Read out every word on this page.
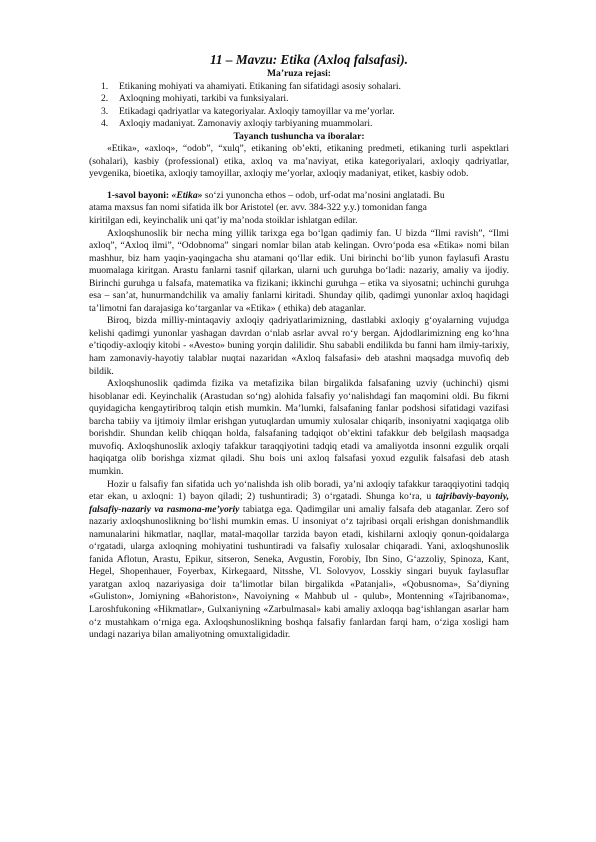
11 – Mavzu: Etika (Axloq falsafasi).
Ma’ruza rejasi:
1.	Etikaning mohiyati va ahamiyati. Etikaning fan sifatidagi asosiy sohalari.
2.	Axloqning mohiyati, tarkibi va funksiyalari.
3.	Etikadagi qadriyatlar va kategoriyalar. Axloqiy tamoyillar va me’yorlar.
4.	Axloqiy madaniyat. Zamonaviy axloqiy tarbiyaning muammolari.
Tayanch tushuncha va iboralar:

«Etika», «axloq», “odob”, “xulq”, etikaning ob’ekti, etikaning predmeti, etikaning turli aspektlari (sohalari), kasbiy (professional) etika, axloq va ma’naviyat, etika kategoriyalari, axloqiy qadriyatlar, yevgenika, bioetika, axloqiy tamoyillar, axloqiy me’yorlar, axloqiy madaniyat, etiket, kasbiy odob.

1-savol bayoni: «Etika» so‘zi yunoncha ethos – odob, urf-odat ma’nosini anglatadi. Bu

atama maxsus fan nomi sifatida ilk bor Aristotel (er. avv. 384-322 y.y.) tomonidan fanga

kiritilgan edi, keyinchalik uni qat’iy ma’noda stoiklar ishlatgan edilar.

Axloqshunoslik bir necha ming yillik tarixga ega bo‘lgan qadimiy fan. U bizda “Ilmi ravish”, “Ilmi axloq”, “Axloq ilmi”, “Odobnoma” singari nomlar bilan atab kelingan. Ovro‘poda esa «Etika» nomi bilan mashhur, biz ham yaqin-yaqingacha shu atamani qo‘llar edik. Uni birinchi bo‘lib yunon faylasufi Arastu muomalaga kiritgan. Arastu fanlarni tasnif qilarkan, ularni uch guruhga bo‘ladi: nazariy, amaliy va ijodiy. Birinchi guruhga u falsafa, matematika va fizikani; ikkinchi guruhga – etika va siyosatni; uchinchi guruhga esa – san’at, hunurmandchilik va amaliy fanlarni kiritadi. Shunday qilib, qadimgi yunonlar axloq haqidagi ta’limotni fan darajasiga ko‘targanlar va «Etika» ( ethika) deb ataganlar.

Biroq, bizda milliy-mintaqaviy axloqiy qadriyatlarimizning, dastlabki axloqiy g‘oyalarning vujudga kelishi qadimgi yunonlar yashagan davrdan o‘nlab asrlar avval ro‘y bergan. Ajdodlarimizning eng ko‘hna e’tiqodiy-axloqiy kitobi - «Avesto» buning yorqin dalilidir. Shu sababli endilikda bu fanni ham ilmiy-tarixiy, ham zamonaviy-hayotiy talablar nuqtai nazaridan «Axloq falsafasi» deb atashni maqsadga muvofiq deb bildik.

Axloqshunoslik qadimda fizika va metafizika bilan birgalikda falsafaning uzviy (uchinchi) qismi hisoblanar edi. Keyinchalik (Arastudan so‘ng) alohida falsafiy yo‘nalishdagi fan maqomini oldi. Bu fikrni quyidagicha kengaytiribroq talqin etish mumkin. Ma’lumki, falsafaning fanlar podshosi sifatidagi vazifasi barcha tabiiy va ijtimoiy ilmlar erishgan yutuqlardan umumiy xulosalar chiqarib, insoniyatni xaqiqatga olib borishdir. Shundan kelib chiqqan holda, falsafaning tadqiqot ob’ektini tafakkur deb belgilash maqsadga muvofiq. Axloqshunoslik axloqiy tafakkur taraqqiyotini tadqiq etadi va amaliyotda insonni ezgulik orqali haqiqatga olib borishga xizmat qiladi. Shu bois uni axloq falsafasi yoxud ezgulik falsafasi deb atash mumkin.

Hozir u falsafiy fan sifatida uch yo‘nalishda ish olib boradi, ya’ni axloqiy tafakkur taraqqiyotini tadqiq etar ekan, u axloqni: 1) bayon qiladi; 2) tushuntiradi; 3) o‘rgatadi. Shunga ko‘ra, u tajribaviy-bayoniy, falsafiy-nazariy va rasmona-me’yoriy tabiatga ega. Qadimgilar uni amaliy falsafa deb ataganlar. Zero sof nazariy axloqshunoslikning bo‘lishi mumkin emas. U insoniyat o‘z tajribasi orqali erishgan donishmandlik namunalarini hikmatlar, naqllar, matal-maqollar tarzida bayon etadi, kishilarni axloqiy qonun-qoidalarga o‘rgatadi, ularga axloqning mohiyatini tushuntiradi va falsafiy xulosalar chiqaradi. Yani, axloqshunoslik fanida Aflotun, Arastu, Epikur, sitseron, Seneka, Avgustin, Forobiy, Ibn Sino, G‘azzoliy, Spinoza, Kant, Hegel, Shopenhauer, Foyerbax, Kirkegaard, Nitsshe, Vl. Solovyov, Losskiy singari buyuk faylasuflar yaratgan axloq nazariyasiga doir ta’limotlar bilan birgalikda «Patanjali», «Qobusnoma», Sa’diyning «Guliston», Jomiyning «Bahoriston», Navoiyning « Mahbub ul - qulub», Montenning «Tajribanoma», Laroshfukoning «Hikmatlar», Gulxaniyning «Zarbulmasal» kabi amaliy axloqqa bag‘ishlangan asarlar ham o‘z mustahkam o‘rniga ega. Axloqshunoslikning boshqa falsafiy fanlardan farqi ham, o‘ziga xosligi ham undagi nazariya bilan amaliyotning omuxtaligidadir.
